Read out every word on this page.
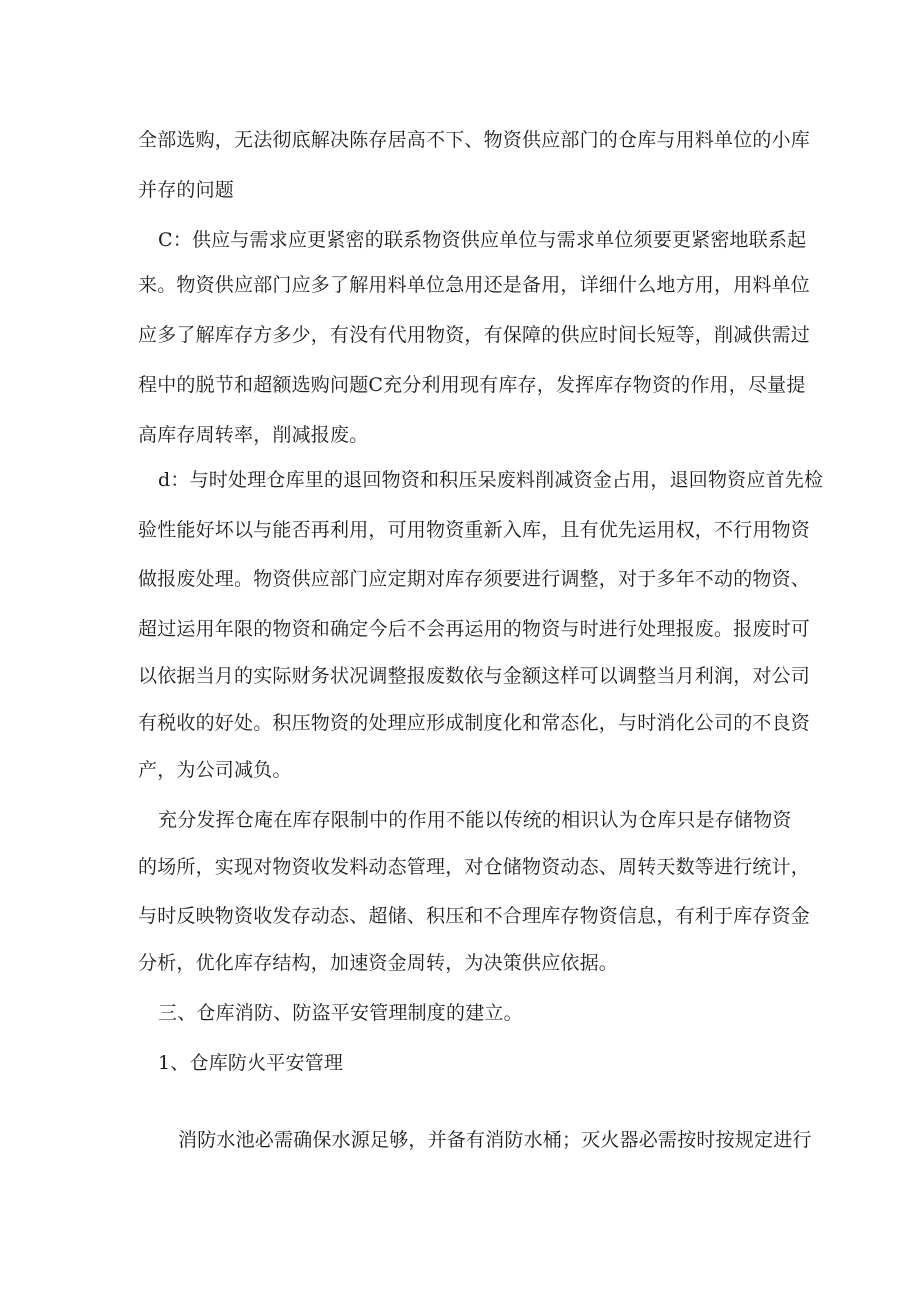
全部选购，无法彻底解决陈存居高不下、物资供应部门的仓库与用料单位的小库
并存的问题
C：供应与需求应更紧密的联系物资供应单位与需求单位须要更紧密地联系起
来。物资供应部门应多了解用料单位急用还是备用，详细什么地方用，用料单位
应多了解库存方多少，有没有代用物资，有保障的供应时间长短等，削减供需过
程中的脱节和超额选购问题C充分利用现有库存，发挥库存物资的作用，尽量提
高库存周转率，削减报废。
d：与时处理仓库里的退回物资和积压呆废料削减资金占用，退回物资应首先检
验性能好坏以与能否再利用，可用物资重新入库，且有优先运用权，不行用物资
做报废处理。物资供应部门应定期对库存须要进行调整，对于多年不动的物资、
超过运用年限的物资和确定今后不会再运用的物资与时进行处理报废。报废时可
以依据当月的实际财务状况调整报废数依与金额这样可以调整当月利润，对公司
有税收的好处。积压物资的处理应形成制度化和常态化，与时消化公司的不良资
产，为公司减负。
充分发挥仓庵在库存限制中的作用不能以传统的相识认为仓库只是存储物资
的场所，实现对物资收发料动态管理，对仓储物资动态、周转天数等进行统计，
与时反映物资收发存动态、超储、积压和不合理库存物资信息，有利于库存资金
分析，优化库存结构，加速资金周转，为决策供应依据。
三、仓库消防、防盗平安管理制度的建立。
1、仓库防火平安管理
消防水池必需确保水源足够，并备有消防水桶；灭火器必需按时按规定进行
